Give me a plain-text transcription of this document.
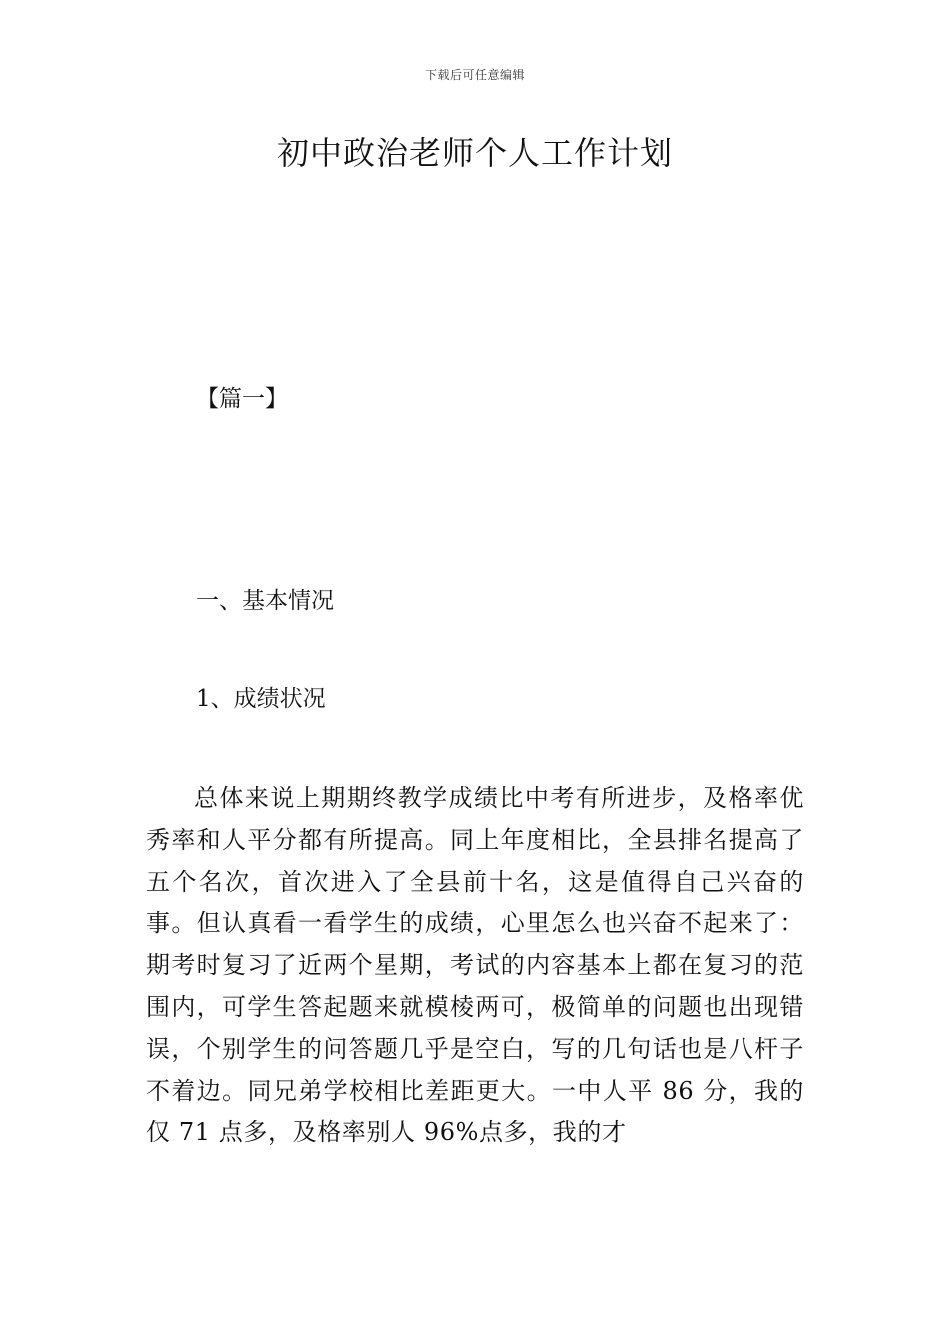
下载后可任意编辑
初中政治老师个人工作计划
【篇一】
一、基本情况
1、成绩状况

总体来说上期期终教学成绩比中考有所进步，及格率优秀率和人平分都有所提高。同上年度相比，全县排名提高了五个名次，首次进入了全县前十名，这是值得自己兴奋的事。但认真看一看学生的成绩，心里怎么也兴奋不起来了：期考时复习了近两个星期，考试的内容基本上都在复习的范围内，可学生答起题来就模棱两可，极简单的问题也出现错误，个别学生的问答题几乎是空白，写的几句话也是八杆子不着边。同兄弟学校相比差距更大。一中人平 86 分，我的仅 71 点多，及格率别人 96%点多，我的才
